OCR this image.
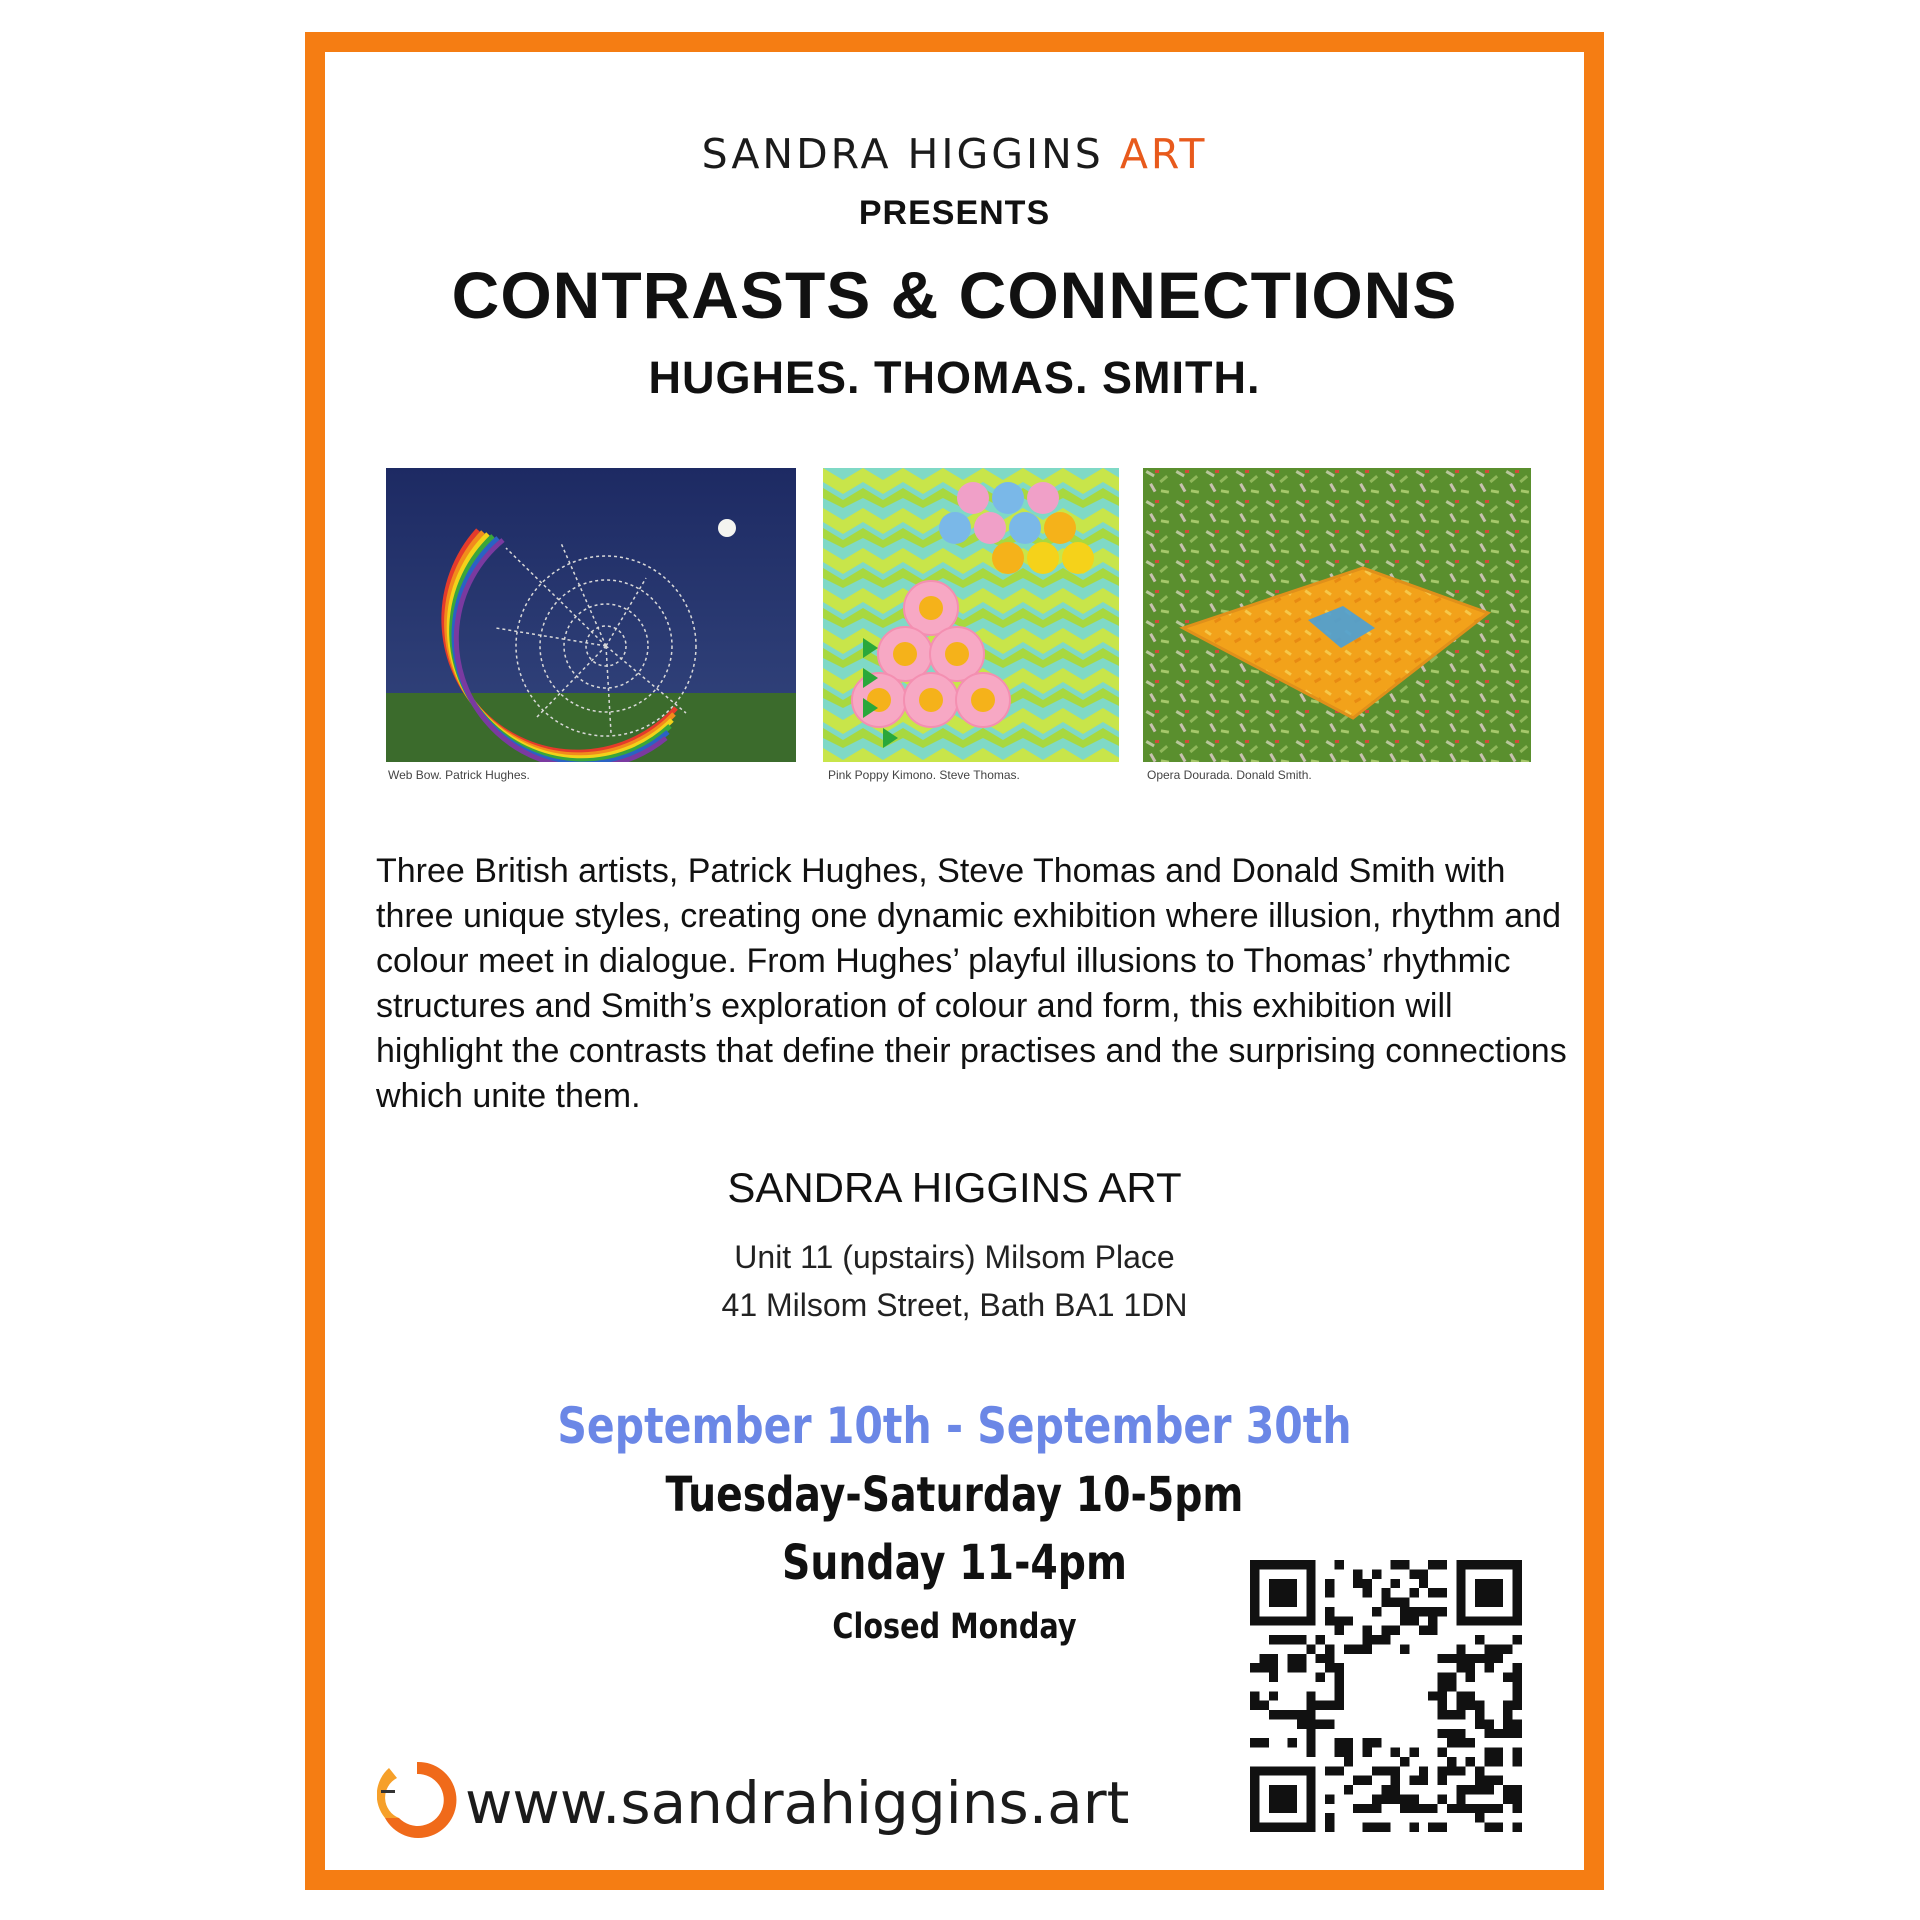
SANDRA HIGGINS ART
PRESENTS
CONTRASTS & CONNECTIONS
HUGHES. THOMAS. SMITH.
Web Bow. Patrick Hughes.	Pink Poppy Kimono. Steve Thomas.	Opera Dourada. Donald Smith.
Three British artists, Patrick Hughes, Steve Thomas and Donald Smith with three unique styles, creating one dynamic exhibition where illusion, rhythm and colour meet in dialogue. From Hughes’ playful illusions to Thomas’ rhythmic structures and Smith’s exploration of colour and form, this exhibition will highlight the contrasts that define their practises and the surprising connections which unite them.
SANDRA HIGGINS ART
Unit 11 (upstairs) Milsom Place
41 Milsom Street, Bath BA1 1DN
September 10th - September 30th
Tuesday-Saturday 10-5pm
Sunday 11-4pm
Closed Monday
www.sandrahiggins.art
